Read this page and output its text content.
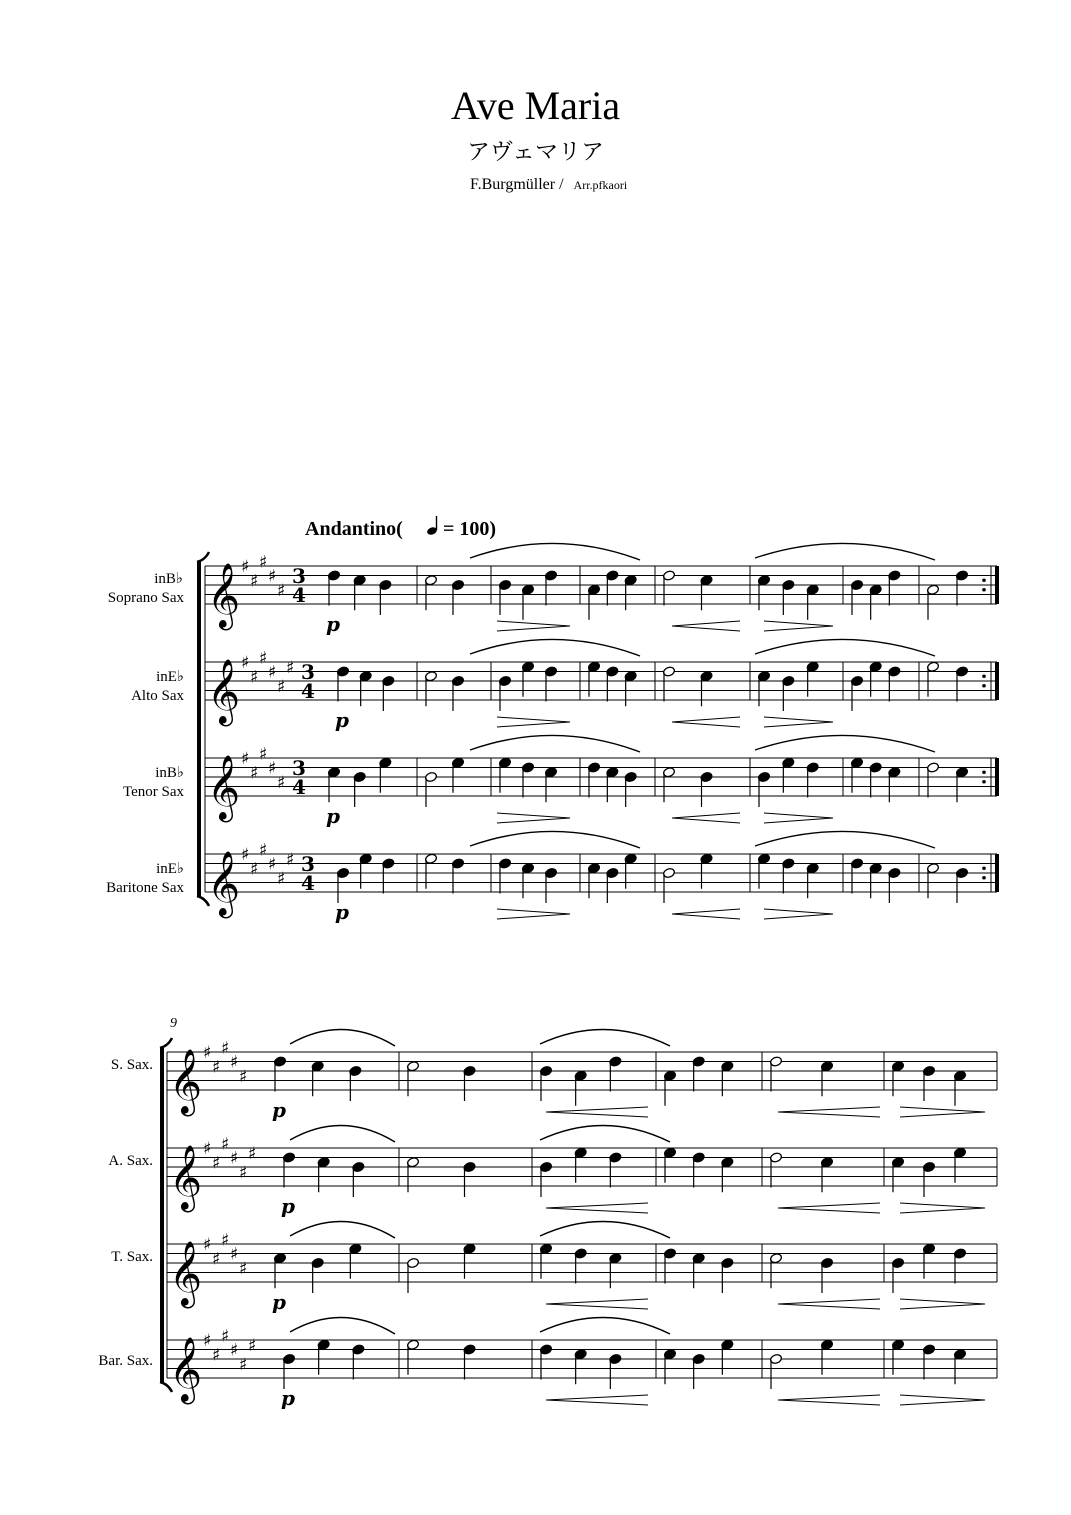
Ave Maria
アヴェマリア
F.Burgmüller / Arr.pfkaori
Andantino( = 100)
inB♭
Soprano Sax
inE♭
Alto Sax
inB♭
Tenor Sax
inE♭
Baritone Sax
9
S. Sax.
A. Sax.
T. Sax.
Bar. Sax.
𝄞 ♯
♯
♯
♯
♯
3
4
p
𝄞 ♯
♯
♯
♯
♯
♯ 3
4
p
𝄞 ♯
♯
♯
♯
♯
3
4
p
𝄞 ♯
♯
♯
♯
♯
♯ 3
4
p
𝄞 ♯
♯
♯
♯
♯
p
𝄞 ♯
♯
♯
♯
♯
♯
p
𝄞 ♯
♯
♯
♯
♯
p
𝄞 ♯
♯
♯
♯
♯
♯
p
